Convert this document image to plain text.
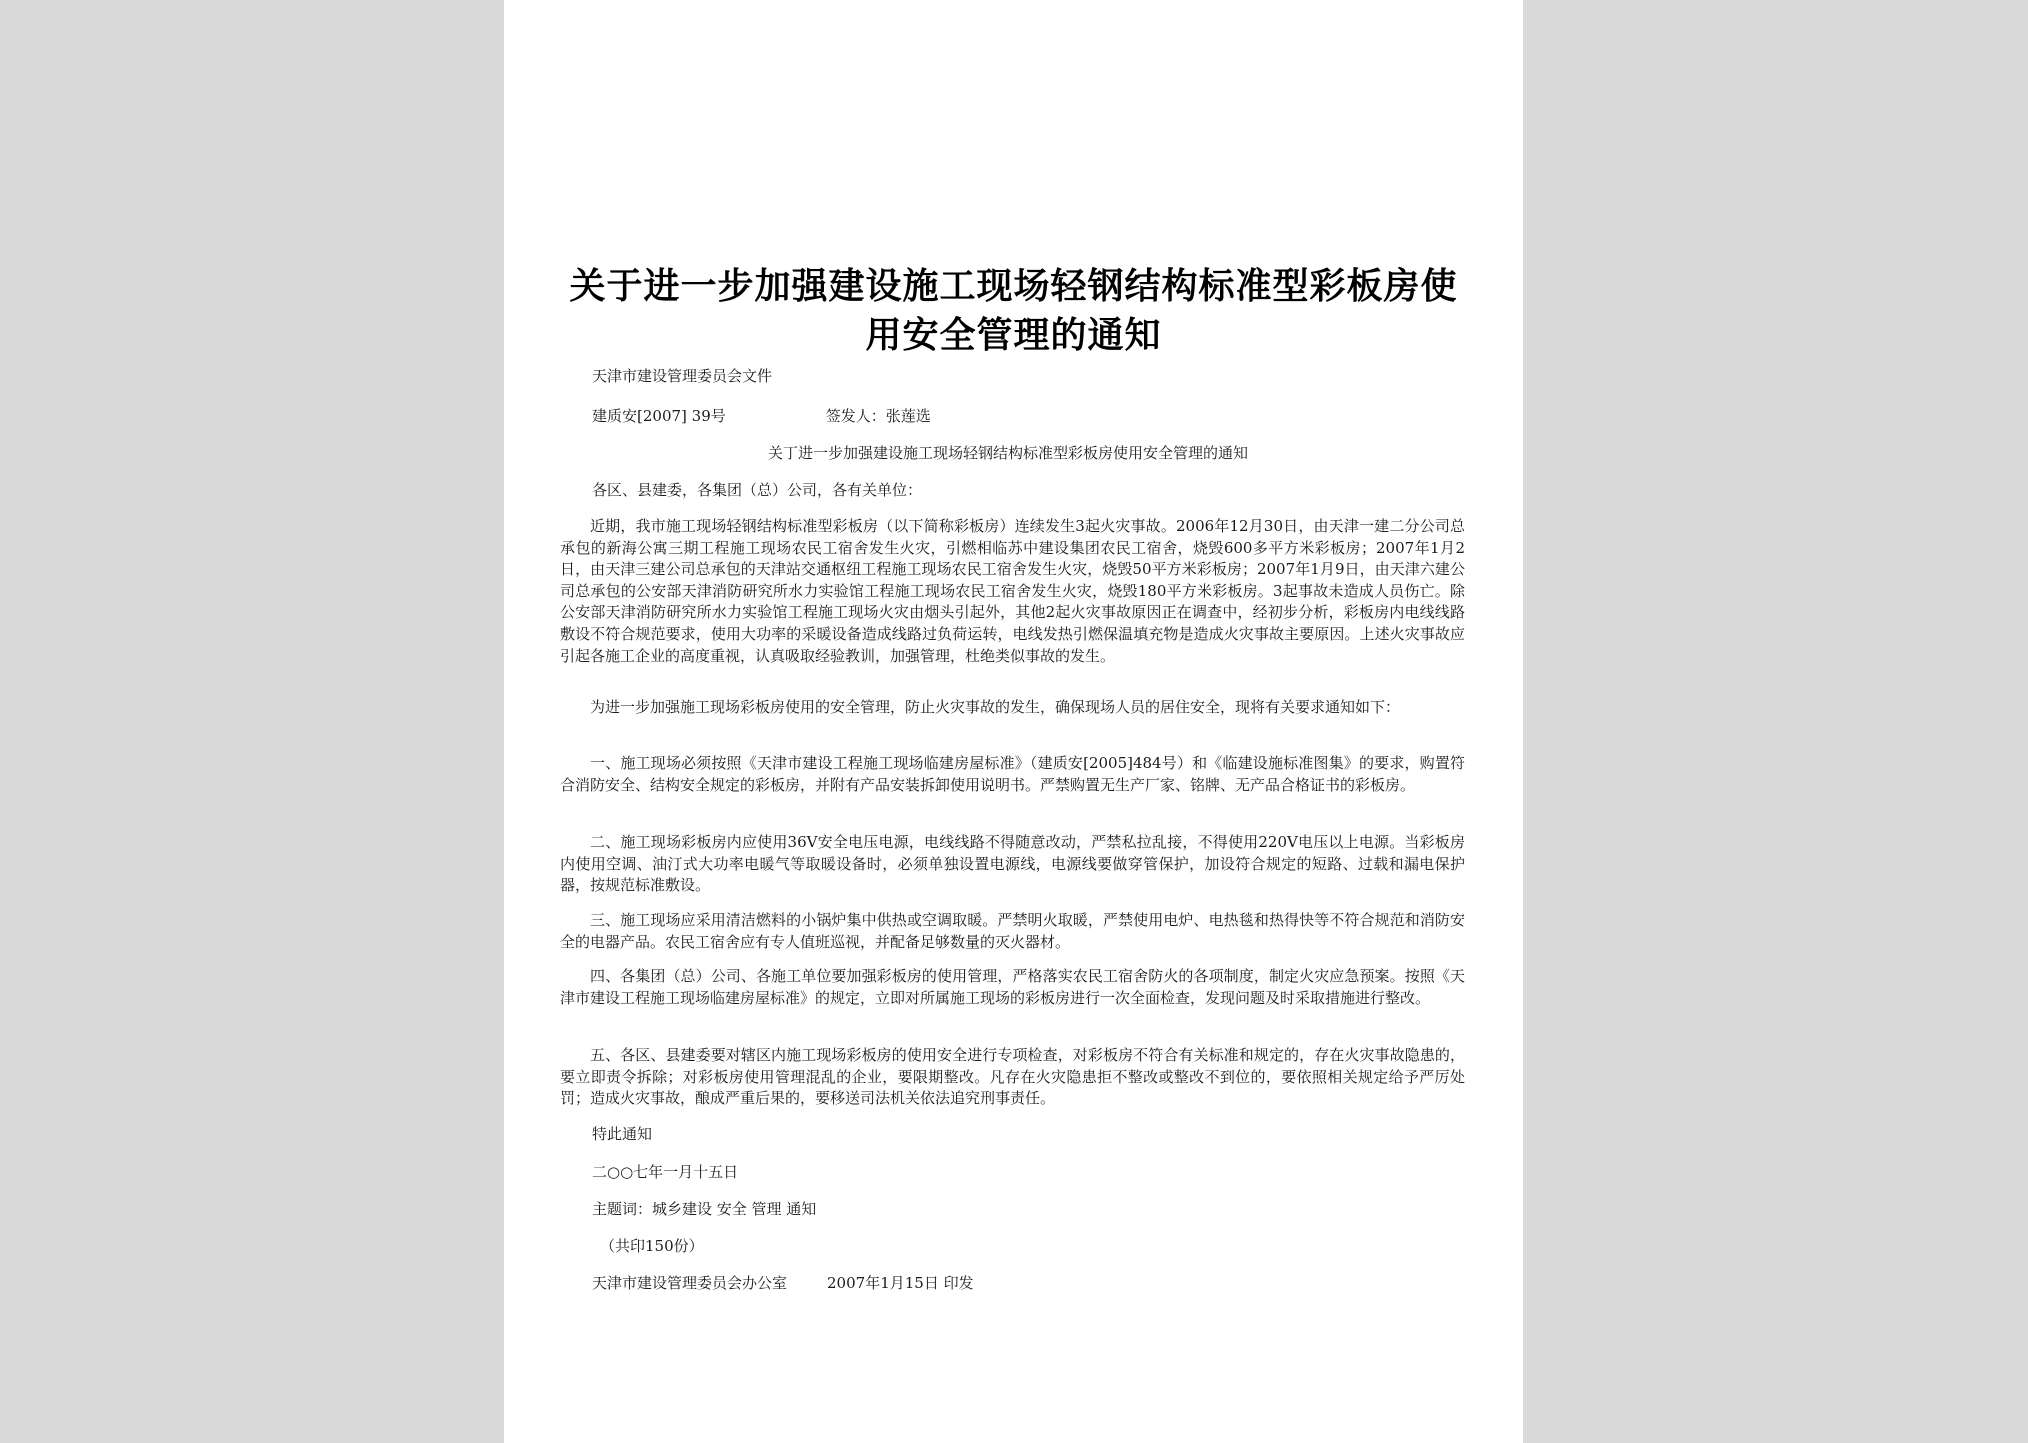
关于进一步加强建设施工现场轻钢结构标准型彩板房使用安全管理的通知
天津市建设管理委员会文件
建质安[2007] 39号	签发人：张莲选
关丁进一步加强建设施工现场轻钢结构标准型彩板房使用安全管理的通知
各区、县建委，各集团（总）公司，各有关单位：
近期，我市施工现场轻钢结构标准型彩板房（以下简称彩板房）连续发生3起火灾事故。2006年12月30日，由天津一建二分公司总承包的新海公寓三期工程施工现场农民工宿舍发生火灾，引燃相临苏中建设集团农民工宿舍，烧毁600多平方米彩板房；2007年1月2日，由天津三建公司总承包的天津站交通枢纽工程施工现场农民工宿舍发生火灾，烧毁50平方米彩板房；2007年1月9日，由天津六建公司总承包的公安部天津消防研究所水力实验馆工程施工现场农民工宿舍发生火灾，烧毁180平方米彩板房。3起事故未造成人员伤亡。除公安部天津消防研究所水力实验馆工程施工现场火灾由烟头引起外，其他2起火灾事故原因正在调查中，经初步分析，彩板房内电线线路敷设不符合规范要求，使用大功率的采暖设备造成线路过负荷运转，电线发热引燃保温填充物是造成火灾事故主要原因。上述火灾事故应引起各施工企业的高度重视，认真吸取经验教训，加强管理，杜绝类似事故的发生。
为进一步加强施工现场彩板房使用的安全管理，防止火灾事故的发生，确保现场人员的居住安全，现将有关要求通知如下：
一、施工现场必须按照《天津市建设工程施工现场临建房屋标准》（建质安[2005]484号）和《临建设施标准图集》的要求，购置符合消防安全、结构安全规定的彩板房，并附有产品安装拆卸使用说明书。严禁购置无生产厂家、铭牌、无产品合格证书的彩板房。
二、施工现场彩板房内应使用36V安全电压电源，电线线路不得随意改动，严禁私拉乱接，不得使用220V电压以上电源。当彩板房内使用空调、油汀式大功率电暖气等取暖设备时，必须单独设置电源线，电源线要做穿管保护，加设符合规定的短路、过载和漏电保护器，按规范标准敷设。
三、施工现场应采用清洁燃料的小锅炉集中供热或空调取暖。严禁明火取暖，严禁使用电炉、电热毯和热得快等不符合规范和消防安全的电器产品。农民工宿舍应有专人值班巡视，并配备足够数量的灭火器材。
四、各集团（总）公司、各施工单位要加强彩板房的使用管理，严格落实农民工宿舍防火的各项制度，制定火灾应急预案。按照《天津市建设工程施工现场临建房屋标准》的规定，立即对所属施工现场的彩板房进行一次全面检查，发现问题及时采取措施进行整改。
五、各区、县建委要对辖区内施工现场彩板房的使用安全进行专项检查，对彩板房不符合有关标准和规定的，存在火灾事故隐患的，要立即责令拆除；对彩板房使用管理混乱的企业，要限期整改。凡存在火灾隐患拒不整改或整改不到位的，要依照相关规定给予严厉处罚；造成火灾事故，酿成严重后果的，要移送司法机关依法追究刑事责任。
特此通知
二○○七年一月十五日
主题词：城乡建设 安全 管理 通知
（共印150份）
天津市建设管理委员会办公室	2007年1月15日 印发
